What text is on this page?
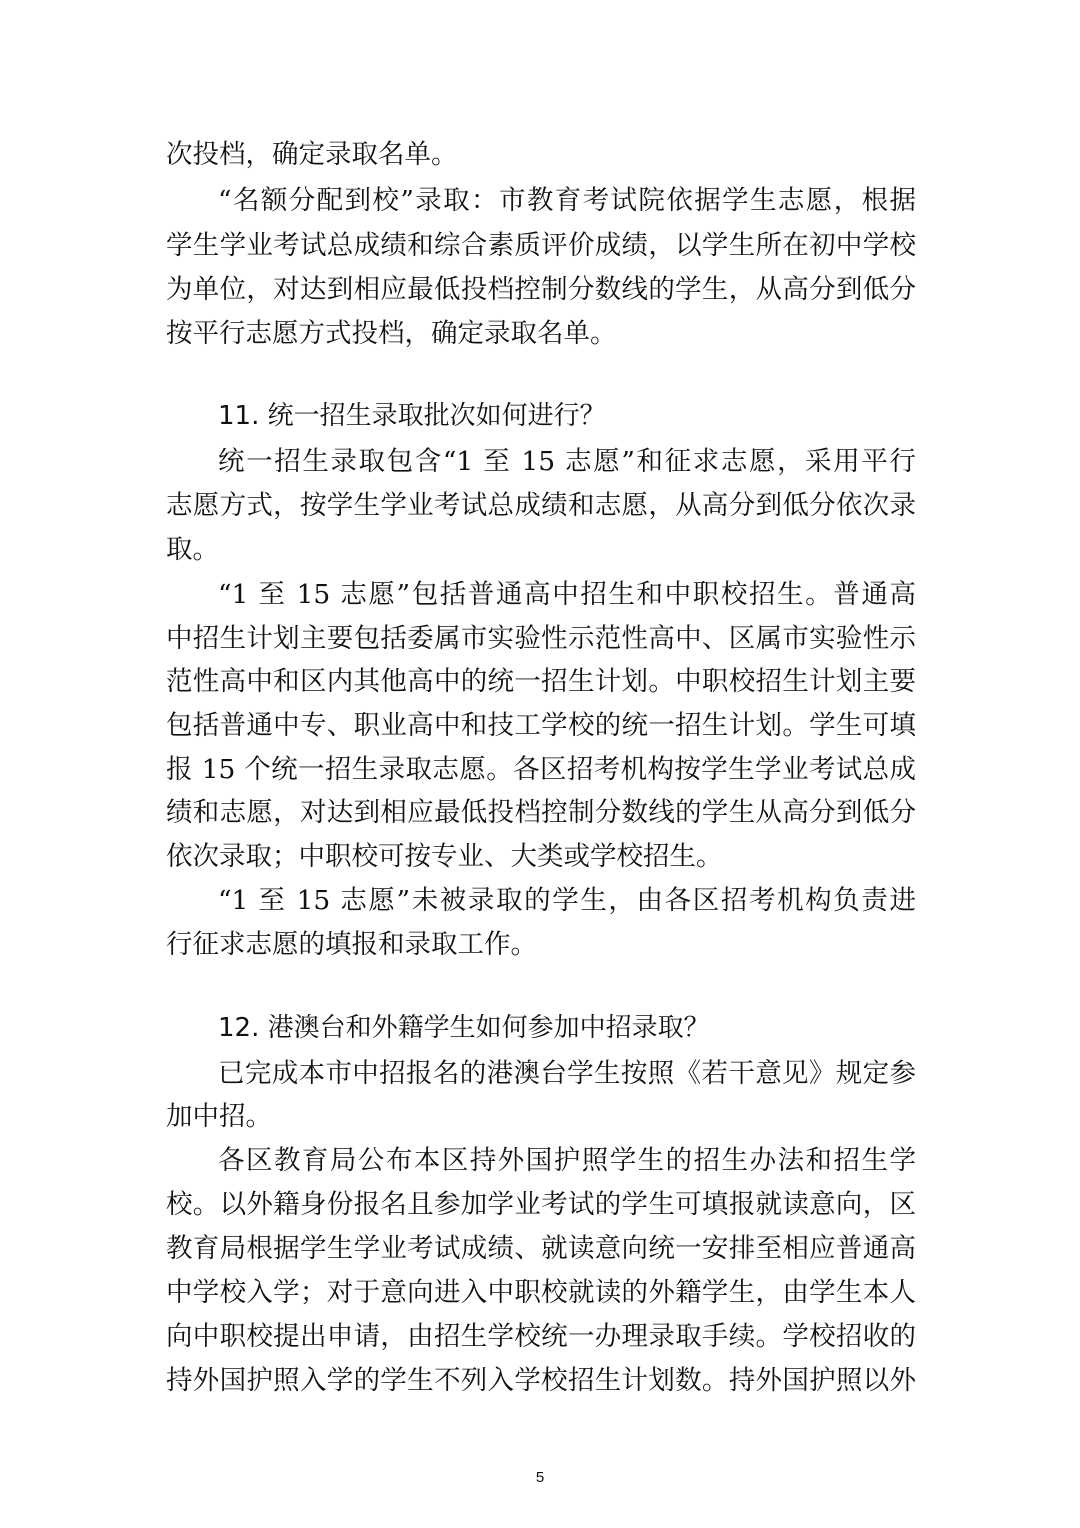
次投档，确定录取名单。
“名额分配到校”录取：市教育考试院依据学生志愿，根据
学生学业考试总成绩和综合素质评价成绩，以学生所在初中学校
为单位，对达到相应最低投档控制分数线的学生，从高分到低分
按平行志愿方式投档，确定录取名单。
11. 统一招生录取批次如何进行？
统一招生录取包含“1 至 15 志愿”和征求志愿，采用平行
志愿方式，按学生学业考试总成绩和志愿，从高分到低分依次录
取。
“1 至 15 志愿”包括普通高中招生和中职校招生。普通高
中招生计划主要包括委属市实验性示范性高中、区属市实验性示
范性高中和区内其他高中的统一招生计划。中职校招生计划主要
包括普通中专、职业高中和技工学校的统一招生计划。学生可填
报 15 个统一招生录取志愿。各区招考机构按学生学业考试总成
绩和志愿，对达到相应最低投档控制分数线的学生从高分到低分
依次录取；中职校可按专业、大类或学校招生。
“1 至 15 志愿”未被录取的学生，由各区招考机构负责进
行征求志愿的填报和录取工作。
12. 港澳台和外籍学生如何参加中招录取？
已完成本市中招报名的港澳台学生按照《若干意见》规定参
加中招。
各区教育局公布本区持外国护照学生的招生办法和招生学
校。以外籍身份报名且参加学业考试的学生可填报就读意向，区
教育局根据学生学业考试成绩、就读意向统一安排至相应普通高
中学校入学；对于意向进入中职校就读的外籍学生，由学生本人
向中职校提出申请，由招生学校统一办理录取手续。学校招收的
持外国护照入学的学生不列入学校招生计划数。持外国护照以外
5
